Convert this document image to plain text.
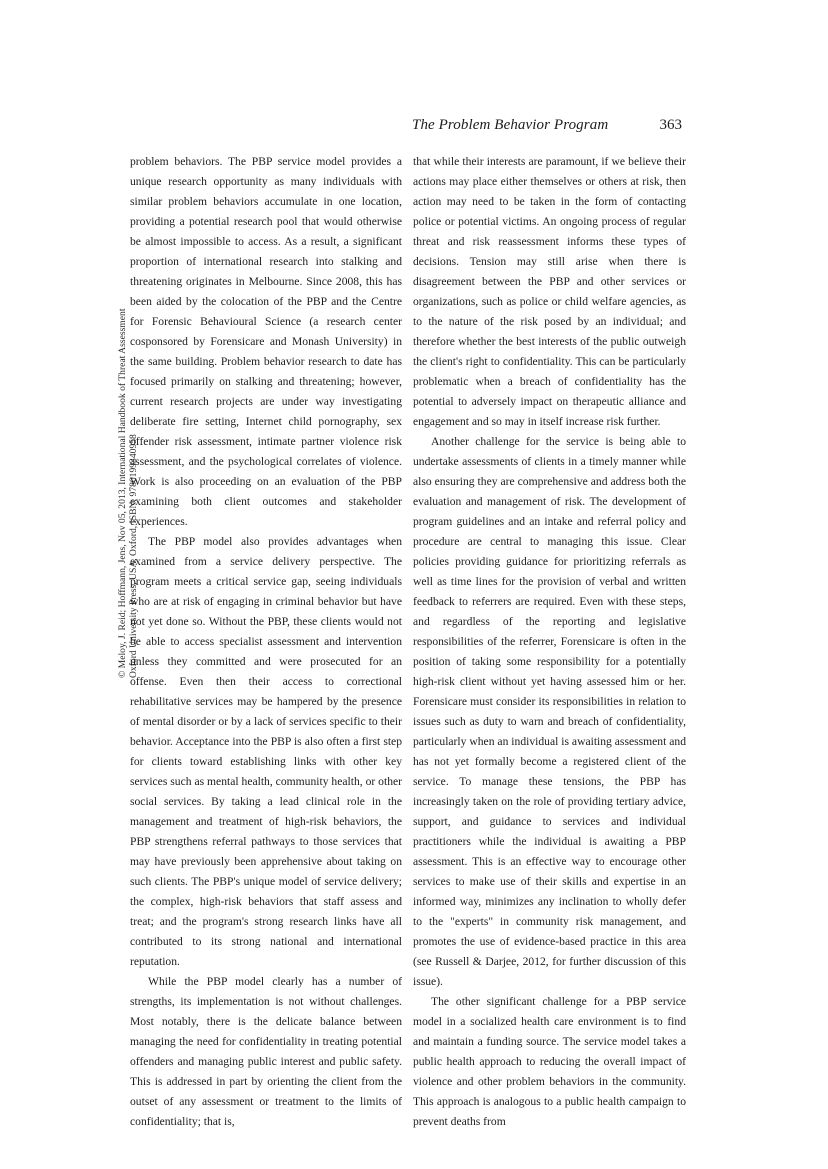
The Problem Behavior Program	363
© Meloy, J. Reid; Hoffmann, Jens, Nov 05, 2013, International Handbook of Threat Assessment Oxford University Press, USA, Oxford, ISBN: 9780199340958

problem behaviors. The PBP service model provides a unique research opportunity as many individuals with similar problem behaviors accumulate in one location, providing a potential research pool that would otherwise be almost impossible to access. As a result, a significant proportion of international research into stalking and threatening originates in Melbourne. Since 2008, this has been aided by the colocation of the PBP and the Centre for Forensic Behavioural Science (a research center cosponsored by Forensicare and Monash University) in the same building. Problem behavior research to date has focused primarily on stalking and threatening; however, current research projects are under way investigating deliberate fire setting, Internet child pornography, sex offender risk assessment, intimate partner violence risk assessment, and the psychological correlates of violence. Work is also proceeding on an evaluation of the PBP examining both client outcomes and stakeholder experiences.

The PBP model also provides advantages when examined from a service delivery perspective. The program meets a critical service gap, seeing individuals who are at risk of engaging in criminal behavior but have not yet done so. Without the PBP, these clients would not be able to access specialist assessment and intervention unless they committed and were prosecuted for an offense. Even then their access to correctional rehabilitative services may be hampered by the presence of mental disorder or by a lack of services specific to their behavior. Acceptance into the PBP is also often a first step for clients toward establishing links with other key services such as mental health, community health, or other social services. By taking a lead clinical role in the management and treatment of high-risk behaviors, the PBP strengthens referral pathways to those services that may have previously been apprehensive about taking on such clients. The PBP's unique model of service delivery; the complex, high-risk behaviors that staff assess and treat; and the program's strong research links have all contributed to its strong national and international reputation.

While the PBP model clearly has a number of strengths, its implementation is not without challenges. Most notably, there is the delicate balance between managing the need for confidentiality in treating potential offenders and managing public interest and public safety. This is addressed in part by orienting the client from the outset of any assessment or treatment to the limits of confidentiality; that is,

that while their interests are paramount, if we believe their actions may place either themselves or others at risk, then action may need to be taken in the form of contacting police or potential victims. An ongoing process of regular threat and risk reassessment informs these types of decisions. Tension may still arise when there is disagreement between the PBP and other services or organizations, such as police or child welfare agencies, as to the nature of the risk posed by an individual; and therefore whether the best interests of the public outweigh the client's right to confidentiality. This can be particularly problematic when a breach of confidentiality has the potential to adversely impact on therapeutic alliance and engagement and so may in itself increase risk further.

Another challenge for the service is being able to undertake assessments of clients in a timely manner while also ensuring they are comprehensive and address both the evaluation and management of risk. The development of program guidelines and an intake and referral policy and procedure are central to managing this issue. Clear policies providing guidance for prioritizing referrals as well as time lines for the provision of verbal and written feedback to referrers are required. Even with these steps, and regardless of the reporting and legislative responsibilities of the referrer, Forensicare is often in the position of taking some responsibility for a potentially high-risk client without yet having assessed him or her. Forensicare must consider its responsibilities in relation to issues such as duty to warn and breach of confidentiality, particularly when an individual is awaiting assessment and has not yet formally become a registered client of the service. To manage these tensions, the PBP has increasingly taken on the role of providing tertiary advice, support, and guidance to services and individual practitioners while the individual is awaiting a PBP assessment. This is an effective way to encourage other services to make use of their skills and expertise in an informed way, minimizes any inclination to wholly defer to the "experts" in community risk management, and promotes the use of evidence-based practice in this area (see Russell & Darjee, 2012, for further discussion of this issue).

The other significant challenge for a PBP service model in a socialized health care environment is to find and maintain a funding source. The service model takes a public health approach to reducing the overall impact of violence and other problem behaviors in the community. This approach is analogous to a public health campaign to prevent deaths from
